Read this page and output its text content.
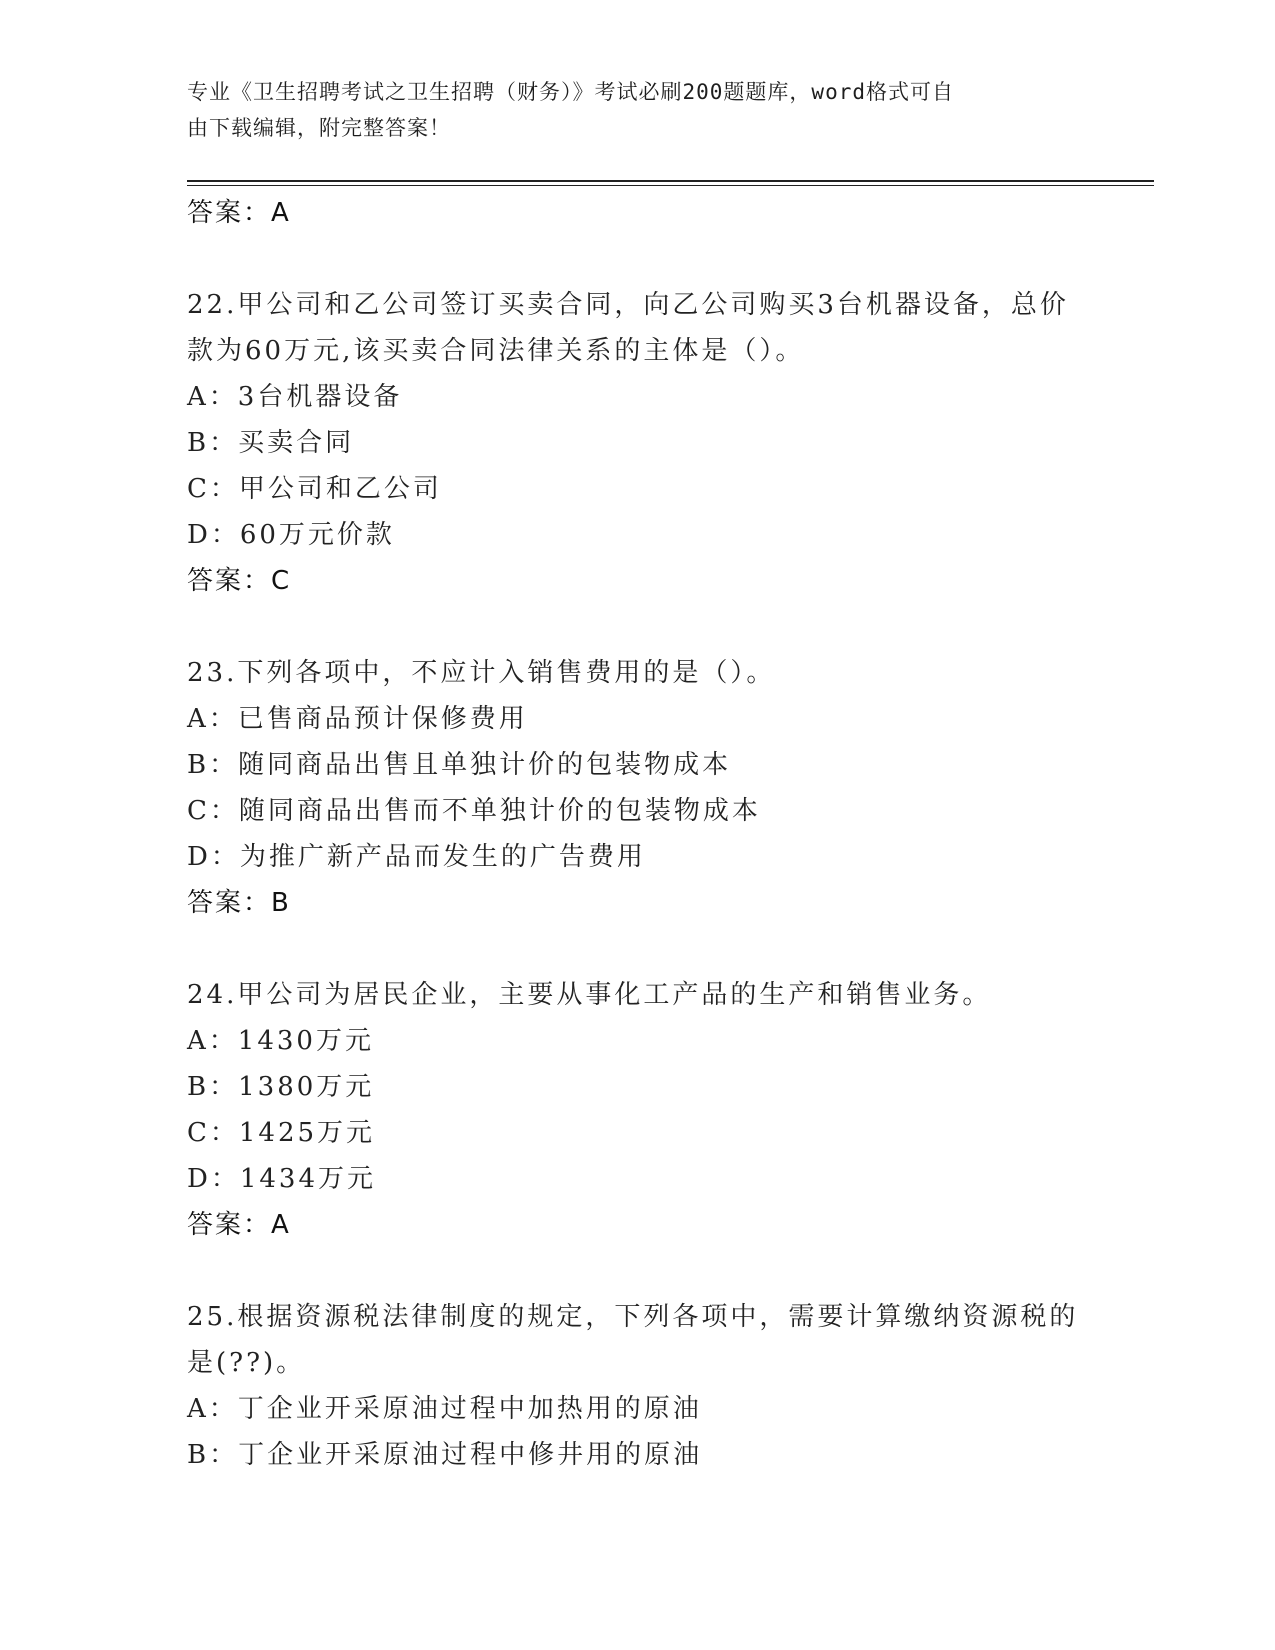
专业《卫生招聘考试之卫生招聘（财务）》考试必刷200题题库，word格式可自
由下载编辑，附完整答案！
答案：A
22.甲公司和乙公司签订买卖合同，向乙公司购买3台机器设备，总价
款为60万元,该买卖合同法律关系的主体是（）。
A：3台机器设备
B：买卖合同
C：甲公司和乙公司
D：60万元价款
答案：C
23.下列各项中，不应计入销售费用的是（）。
A：已售商品预计保修费用
B：随同商品出售且单独计价的包装物成本
C：随同商品出售而不单独计价的包装物成本
D：为推广新产品而发生的广告费用
答案：B
24.甲公司为居民企业，主要从事化工产品的生产和销售业务。
A：1430万元
B：1380万元
C：1425万元
D：1434万元
答案：A
25.根据资源税法律制度的规定，下列各项中，需要计算缴纳资源税的
是(??)。
A：丁企业开采原油过程中加热用的原油
B：丁企业开采原油过程中修井用的原油
